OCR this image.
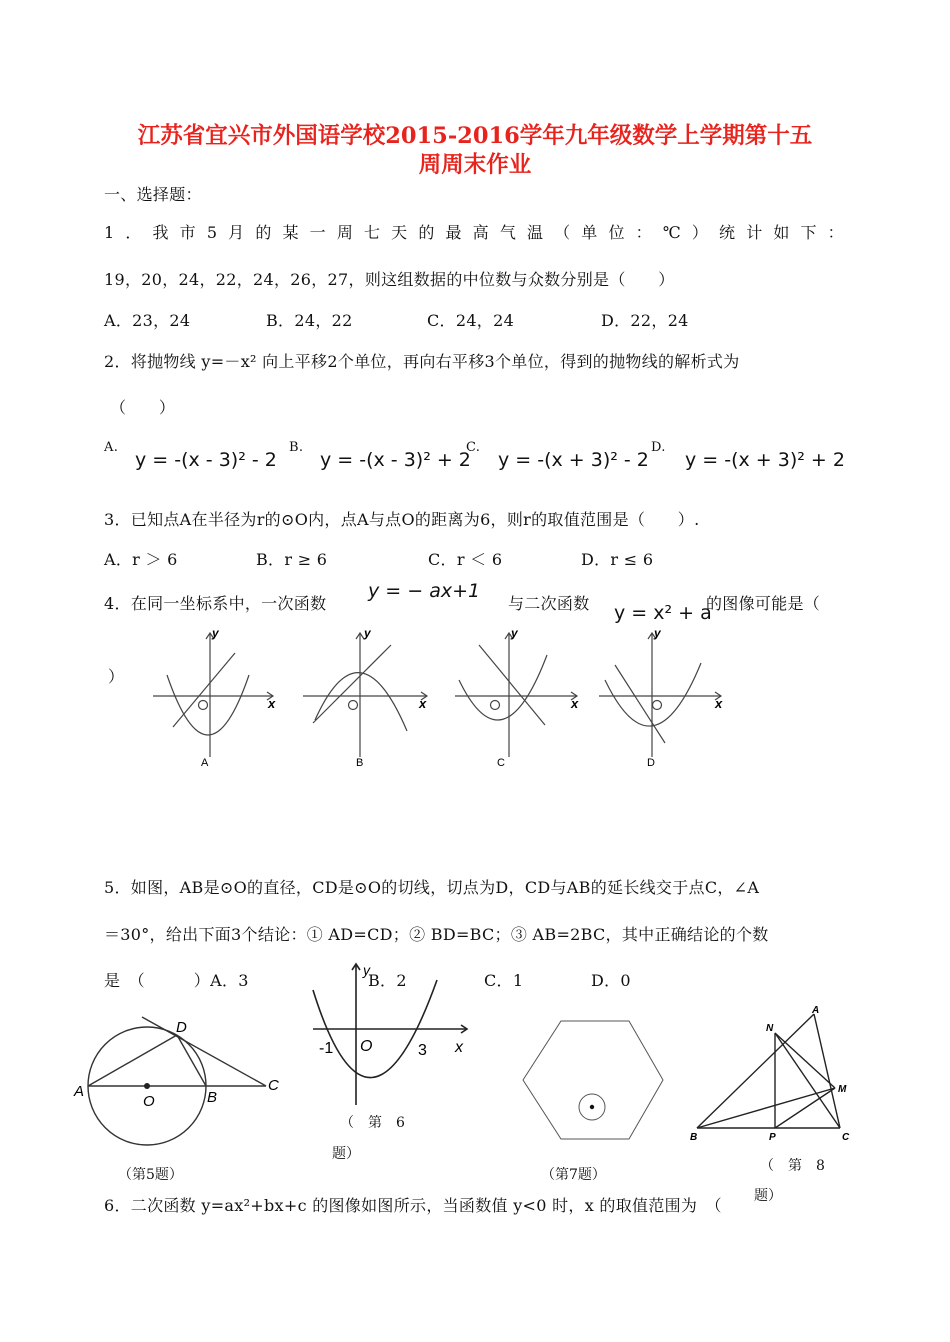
江苏省宜兴市外国语学校2015-2016学年九年级数学上学期第十五
周周末作业
一、选择题：
1．我市5月的某一周七天的最高气温（单位：℃）统计如下：
19，20，24，22，24，26，27，则这组数据的中位数与众数分别是（　　）
A．23，24	B．24，22	C．24，24	D．22，24
2．将抛物线 y=－x² 向上平移2个单位，再向右平移3个单位，得到的抛物线的解析式为
（　　）
A.
y = -(x - 3)² - 2
B.
y = -(x - 3)² + 2
C.
y = -(x + 3)² - 2
D.
y = -(x + 3)² + 2
3．已知点A在半径为r的⊙O内，点A与点O的距离为6，则r的取值范围是（　　）.
A．r ＞ 6	B．r ≥ 6	C．r ＜ 6	D．r ≤ 6
4．在同一坐标系中，一次函数
y = − ax+1
与二次函数 y = x² + a
的图像可能是（
）
y
x
A
y
x
B
y
x
C
y
x
D
O
5．如图，AB是⊙O的直径，CD是⊙O的切线，切点为D，CD与AB的延长线交于点C，∠A
＝30°，给出下面3个结论：① AD=CD；② BD=BC；③ AB=2BC，其中正确结论的个数
是　（　　　）A．3	B．2	C．1	D．0
A	B
C
D
O
（第5题）
-1 O	3 x
y
（　第　6
题）
（第7题）
A
N
M
B	P	C
（　第　8
题）
6．二次函数 y=ax²+bx+c 的图像如图所示，当函数值 y<0 时，x 的取值范围为　（
